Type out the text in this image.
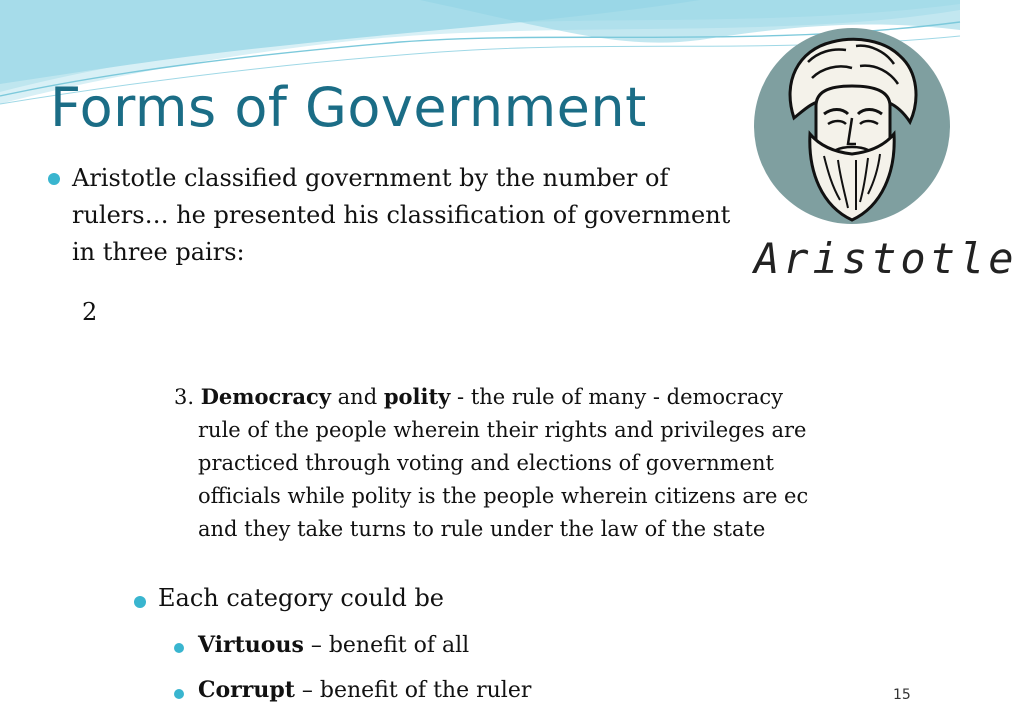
Forms of Government
Aristotle
Aristotle classified government by the number of
rulers… he presented his classification of government
in three pairs:
2
3. Democracy and polity - the rule of many - democracy
rule of the people wherein their rights and privileges are
practiced through voting and elections of government
officials while polity is the people wherein citizens are ec
and they take turns to rule under the law of the state
Each category could be
Virtuous – benefit of all
Corrupt – benefit of the ruler	15
